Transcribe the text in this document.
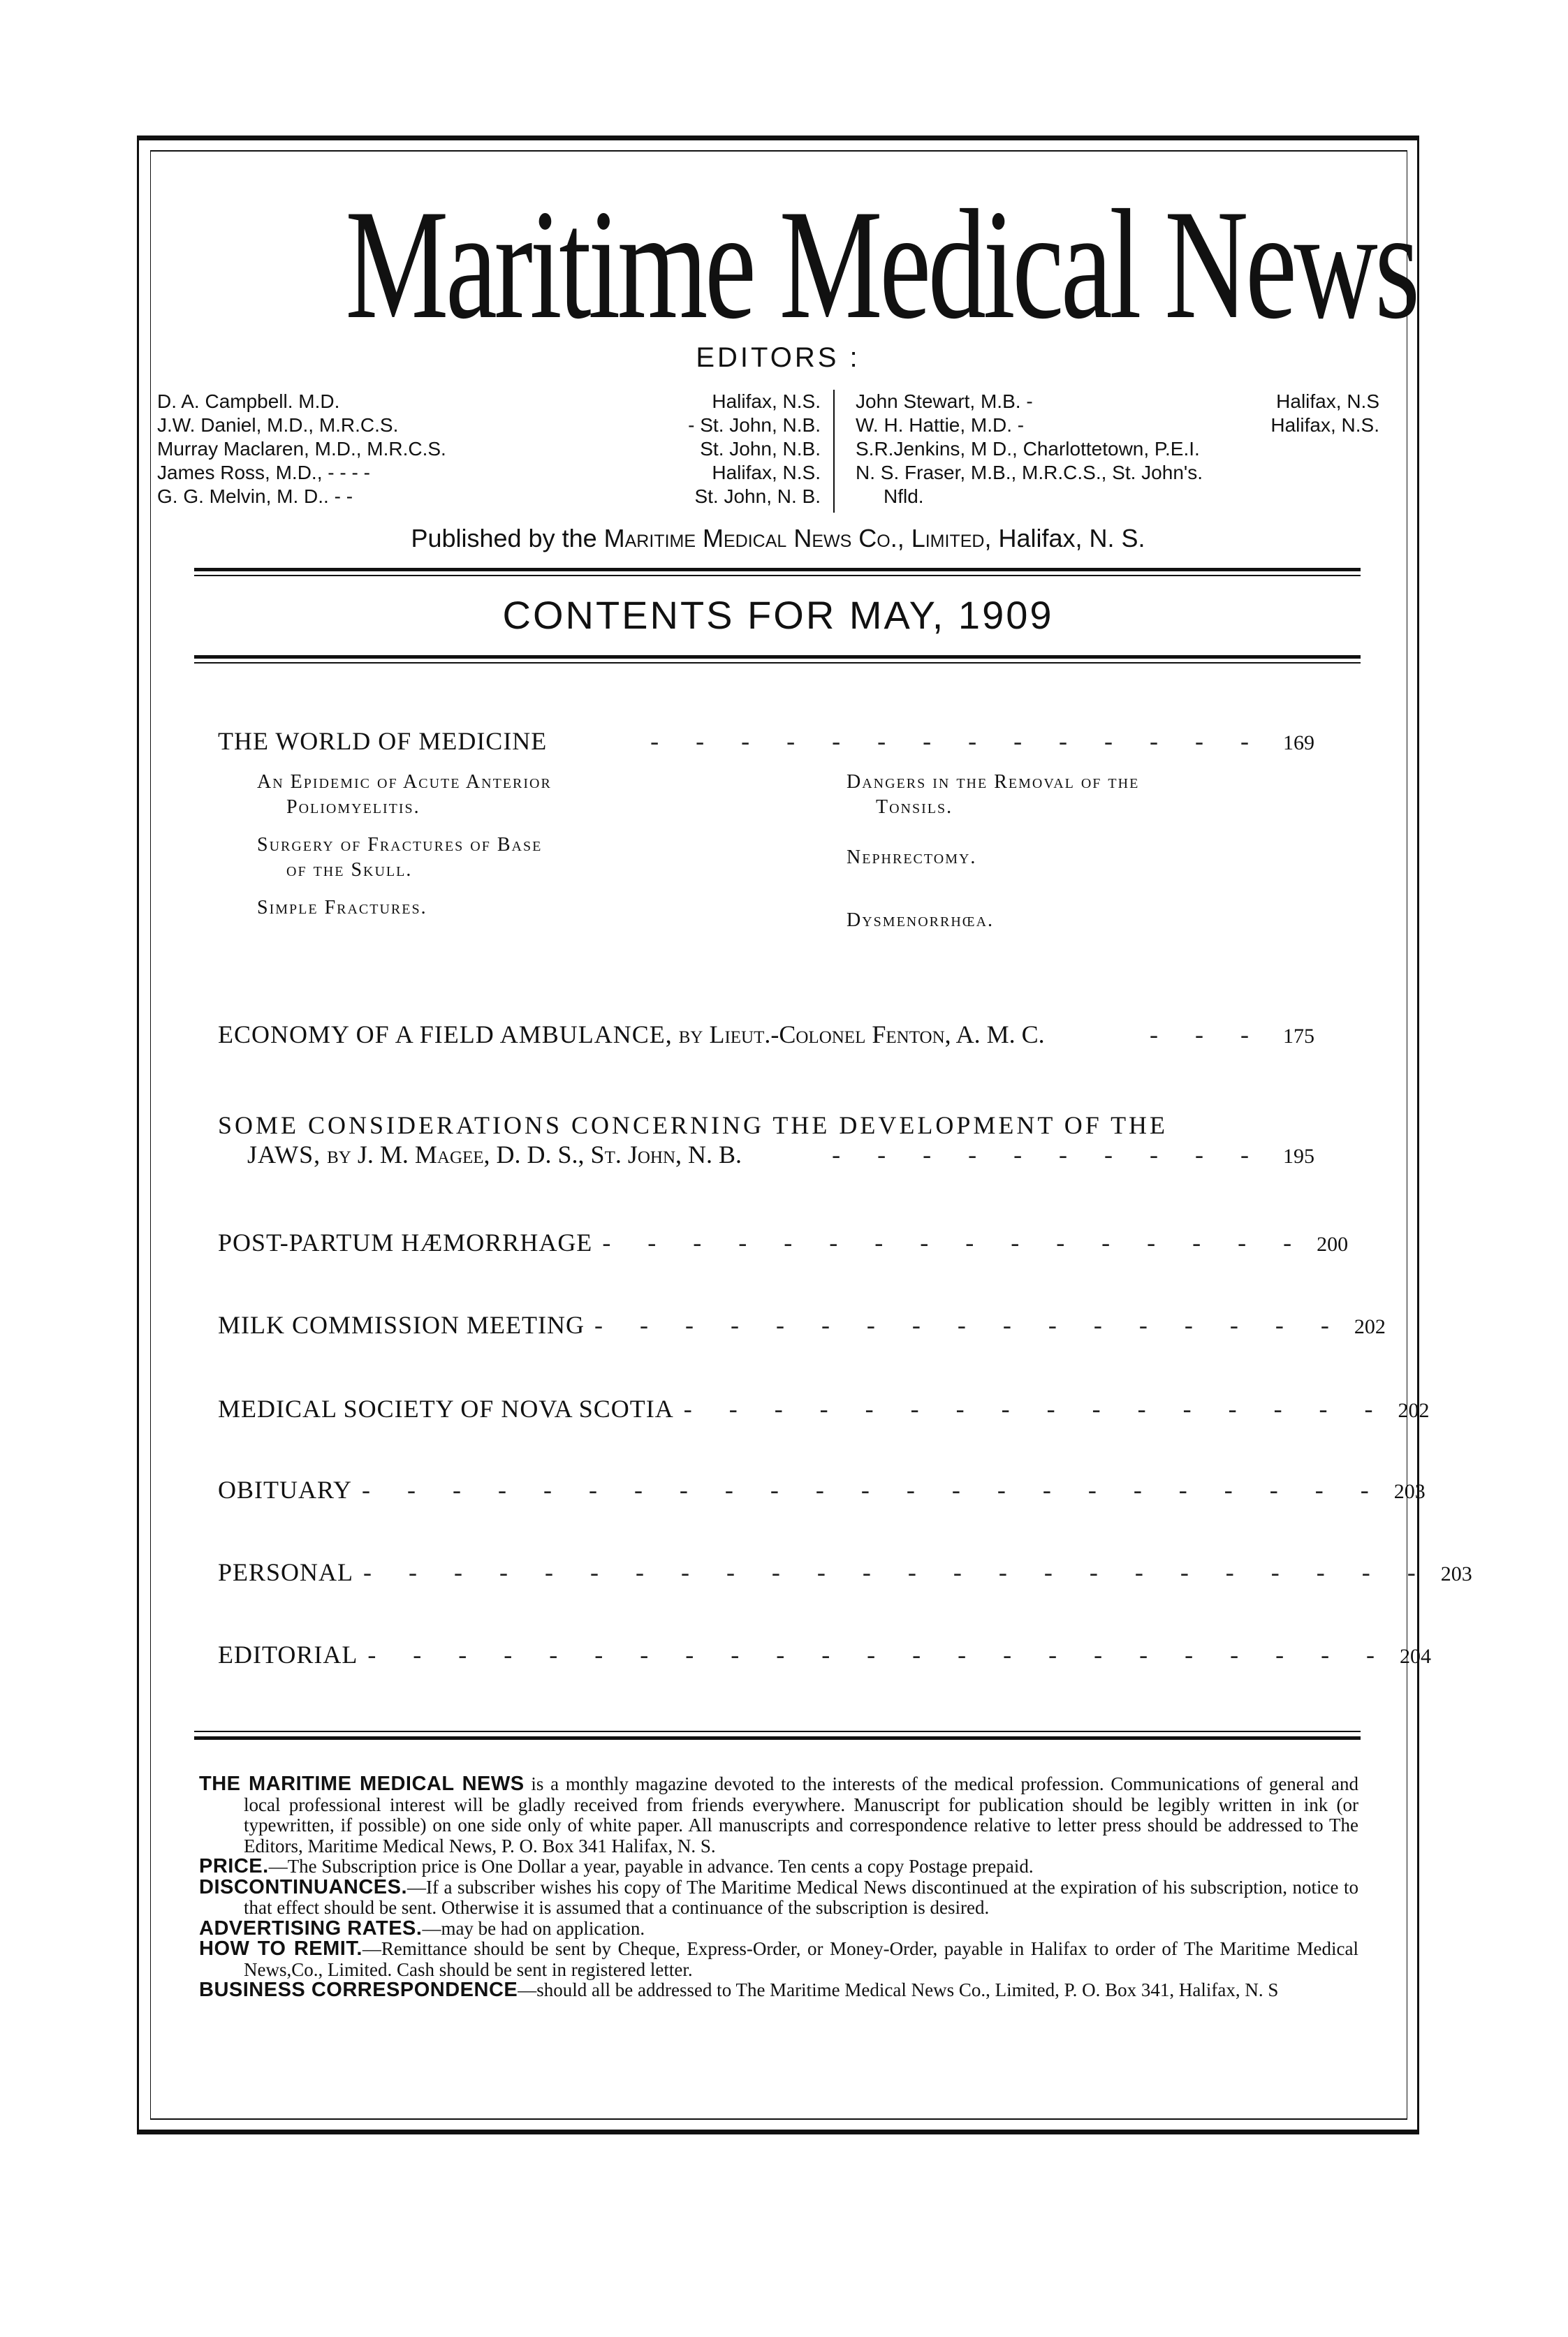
Maritime Medical News
EDITORS :
D. A. Campbell. M.D.	Halifax, N.S.
J.W. Daniel, M.D., M.R.C.S.	- St. John, N.B.
Murray Maclaren, M.D., M.R.C.S.	St. John, N.B.
James Ross, M.D., - - - -	Halifax, N.S.
G. G. Melvin, M. D.. - -	St. John, N. B.
John Stewart, M.B. -	Halifax, N.S
W. H. Hattie, M.D. -	Halifax, N.S.
S.R.Jenkins, M D., Charlottetown, P.E.I.
N. S. Fraser, M.B., M.R.C.S., St. John's.
Nfld.
Published by the Maritime Medical News Co., Limited, Halifax, N. S.
CONTENTS FOR MAY, 1909
THE WORLD OF MEDICINE	- - - - - - - - - - - - - - 169
An Epidemic of Acute Anterior
Poliomyelitis.
Surgery of Fractures of Base
of the Skull.
Simple Fractures.
Dangers in the Removal of the
Tonsils.
Nephrectomy.
Dysmenorrhœa.
ECONOMY OF A FIELD AMBULANCE,
by Lieut.-Colonel Fenton, A. M. C.	- - - 175
SOME CONSIDERATIONS CONCERNING THE DEVELOPMENT OF THE
JAWS,
by J. M. Magee, D. D. S., St. John, N. B.	- - - - - - - - - - 195
POST-PARTUM HÆMORRHAGE - - - - - - - - - - - - - - - - 200
MILK COMMISSION MEETING - - - - - - - - - - - - - - - - - 202
MEDICAL SOCIETY OF NOVA SCOTIA - - - - - - - - - - - - - - - - 202
OBITUARY - - - - - - - - - - - - - - - - - - - - - - - 203
PERSONAL - - - - - - - - - - - - - - - - - - - - - - - - 203
EDITORIAL - - - - - - - - - - - - - - - - - - - - - - - 204

THE MARITIME MEDICAL NEWS is a monthly magazine devoted to the interests of the medical profession. Communications of general and local professional interest will be gladly received from friends everywhere. Manuscript for publication should be legibly written in ink (or typewritten, if possible) on one side only of white paper. All manuscripts and correspondence relative to letter press should be addressed to The Editors, Maritime Medical News, P. O. Box 341 Halifax, N. S.

PRICE.—The Subscription price is One Dollar a year, payable in advance. Ten cents a copy Postage prepaid.

DISCONTINUANCES.—If a subscriber wishes his copy of The Maritime Medical News discontinued at the expiration of his subscription, notice to that effect should be sent. Otherwise it is assumed that a continuance of the subscription is desired.

ADVERTISING RATES.—may be had on application.

HOW TO REMIT.—Remittance should be sent by Cheque, Express-Order, or Money-Order, payable in Halifax to order of The Maritime Medical News,Co., Limited. Cash should be sent in registered letter.

BUSINESS CORRESPONDENCE—should all be addressed to The Maritime Medical News Co., Limited, P. O. Box 341, Halifax, N. S
